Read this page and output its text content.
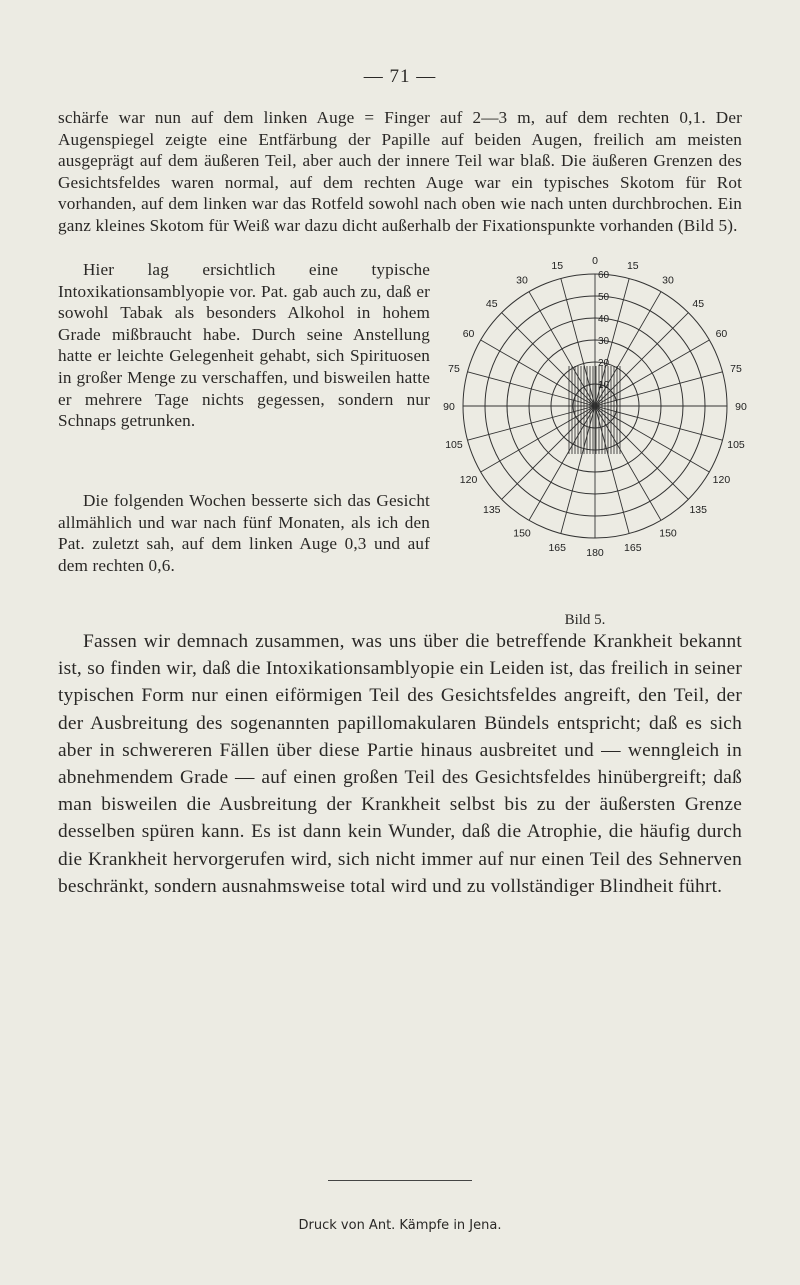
— 71 —

schärfe war nun auf dem linken Auge = Finger auf 2—3 m, auf dem rechten 0,1. Der Augenspiegel zeigte eine Entfärbung der Papille auf beiden Augen, freilich am meisten ausgeprägt auf dem äußeren Teil, aber auch der innere Teil war blaß. Die äußeren Grenzen des Gesichtsfeldes waren normal, auf dem rechten Auge war ein typisches Skotom für Rot vorhanden, auf dem linken war das Rotfeld sowohl nach oben wie nach unten durchbrochen. Ein ganz kleines Skotom für Weiß war dazu dicht außerhalb der Fixationspunkte vorhanden (Bild 5).

Hier lag ersichtlich eine typische Intoxikationsamblyopie vor. Pat. gab auch zu, daß er sowohl Tabak als besonders Alkohol in hohem Grade mißbraucht habe. Durch seine Anstellung hatte er leichte Gelegenheit gehabt, sich Spirituosen in großer Menge zu verschaffen, und bisweilen hatte er mehrere Tage nichts gegessen, sondern nur Schnaps getrunken.

Die folgenden Wochen besserte sich das Gesicht allmählich und war nach fünf Monaten, als ich den Pat. zuletzt sah, auf dem linken Auge 0,3 und auf dem rechten 0,6.

10
20
30
40
50
60
0	15
15
30
30
45
45
60
60
75
75
90
90
105
105
120
120
135
135
150
150
165
165 180
Bild 5.

Fassen wir demnach zusammen, was uns über die betreffende Krankheit bekannt ist, so finden wir, daß die Intoxikationsamblyopie ein Leiden ist, das freilich in seiner typischen Form nur einen eiförmigen Teil des Gesichtsfeldes angreift, den Teil, der der Ausbreitung des sogenannten papillomakularen Bündels entspricht; daß es sich aber in schwereren Fällen über diese Partie hinaus ausbreitet und — wenngleich in abnehmendem Grade — auf einen großen Teil des Gesichtsfeldes hinübergreift; daß man bisweilen die Ausbreitung der Krankheit selbst bis zu der äußersten Grenze desselben spüren kann. Es ist dann kein Wunder, daß die Atrophie, die häufig durch die Krankheit hervorgerufen wird, sich nicht immer auf nur einen Teil des Sehnerven beschränkt, sondern ausnahmsweise total wird und zu vollständiger Blindheit führt.

Druck von Ant. Kämpfe in Jena.
